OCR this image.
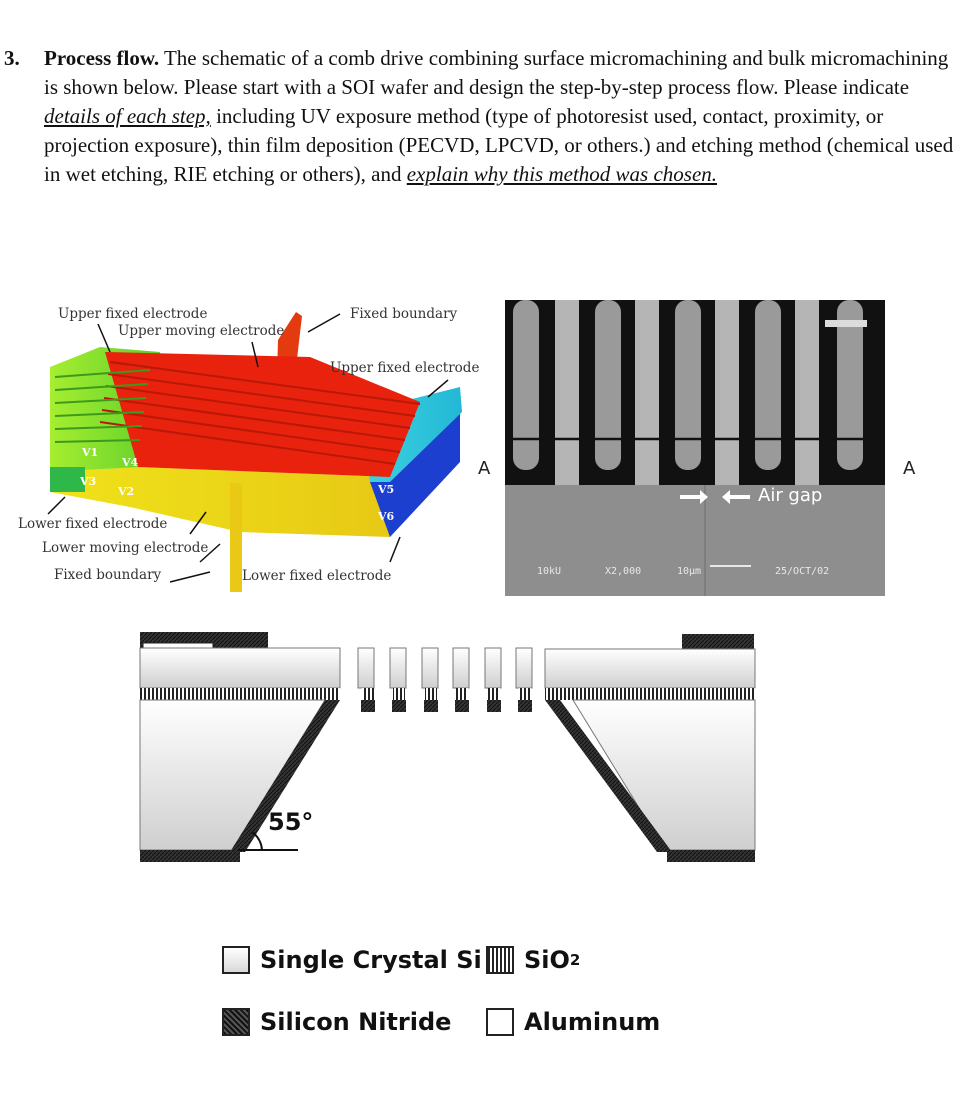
3. Process flow. The schematic of a comb drive combining surface micromachining and bulk micromachining is shown below. Please start with a SOI wafer and design the step-by-step process flow. Please indicate details of each step, including UV exposure method (type of photoresist used, contact, proximity, or projection exposure), thin film deposition (PECVD, LPCVD, or others.) and etching method (chemical used in wet etching, RIE etching or others), and explain why this method was chosen.
Upper fixed electrode
Upper moving electrode
Fixed boundary
Upper fixed electrode
Lower fixed electrode
Lower moving electrode
Fixed boundary	Lower fixed electrode
V1
V4
V3
V2	V5
V6
A	A
Air gap
10kU	X2,000	10µm	25/OCT/02
55°
Single Crystal Si SiO 2
Silicon Nitride	Aluminum
